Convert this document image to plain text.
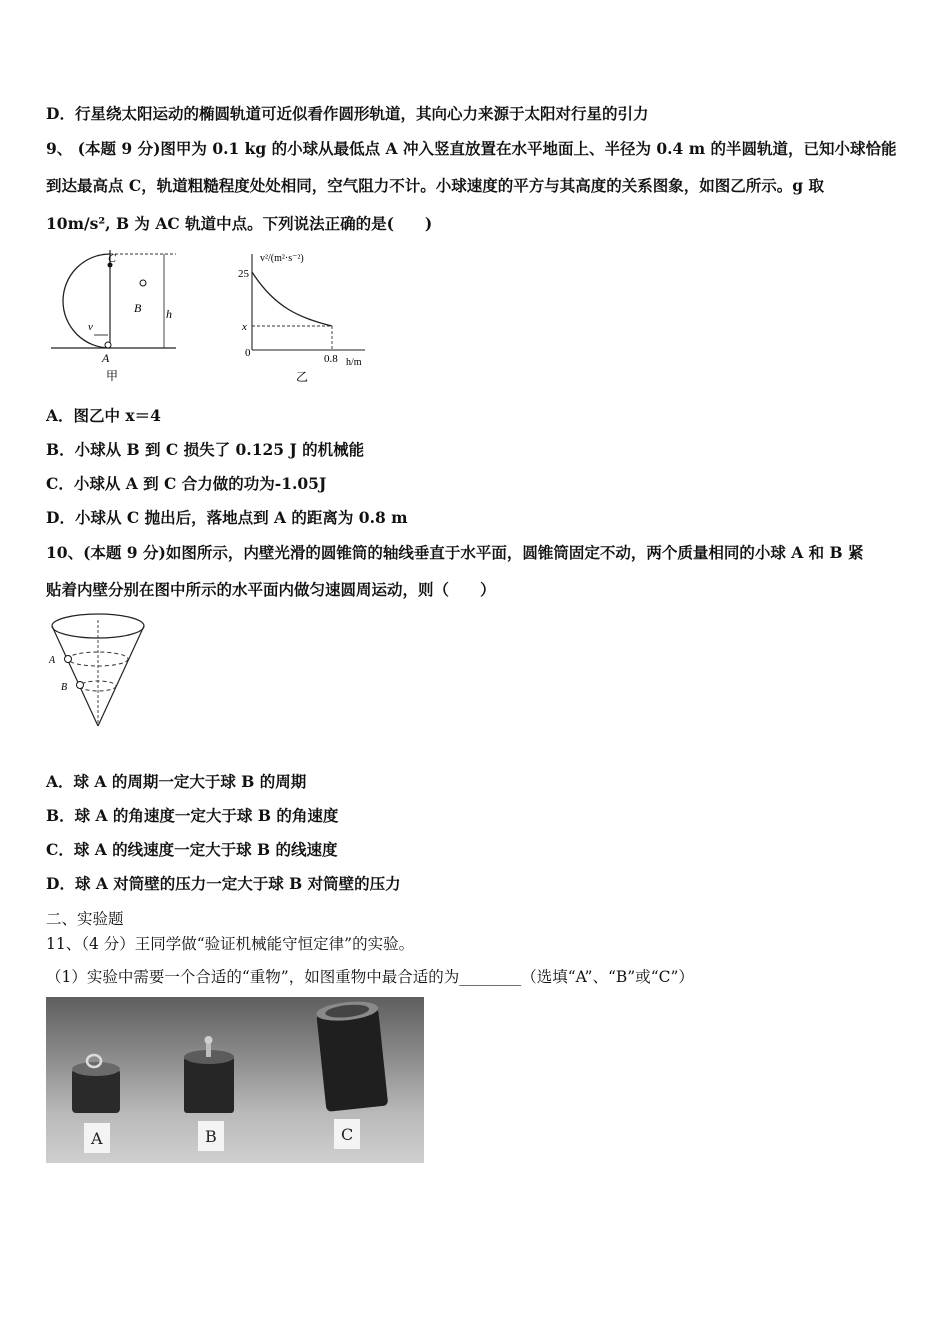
D．行星绕太阳运动的椭圆轨道可近似看作圆形轨道，其向心力来源于太阳对行星的引力
9、 (本题 9 分)图甲为 0.1 kg 的小球从最低点 A 冲入竖直放置在水平地面上、半径为 0.4 m 的半圆轨道，已知小球恰能
到达最高点 C，轨道粗糙程度处处相同，空气阻力不计。小球速度的平方与其高度的关系图象，如图乙所示。g 取
10m/s², B 为 AC 轨道中点。下列说法正确的是(　　)
C
B h
v
A
甲
v²/(m²·s⁻²)
25
x
0	0.8 h/m
乙
A．图乙中 x＝4
B．小球从 B 到 C 损失了 0.125 J 的机械能
C．小球从 A 到 C 合力做的功为-1.05J
D．小球从 C 抛出后，落地点到 A 的距离为 0.8 m
10、(本题 9 分)如图所示，内壁光滑的圆锥筒的轴线垂直于水平面，圆锥筒固定不动，两个质量相同的小球 A 和 B 紧
贴着内壁分别在图中所示的水平面内做匀速圆周运动，则（　　）
A
B
A．球 A 的周期一定大于球 B 的周期
B．球 A 的角速度一定大于球 B 的角速度
C．球 A 的线速度一定大于球 B 的线速度
D．球 A 对筒壁的压力一定大于球 B 对筒壁的压力
二、实验题
11、（4 分）王同学做“验证机械能守恒定律”的实验。
（1）实验中需要一个合适的“重物”，如图重物中最合适的为________（选填“A”、“B”或“C”）
A	B	C
